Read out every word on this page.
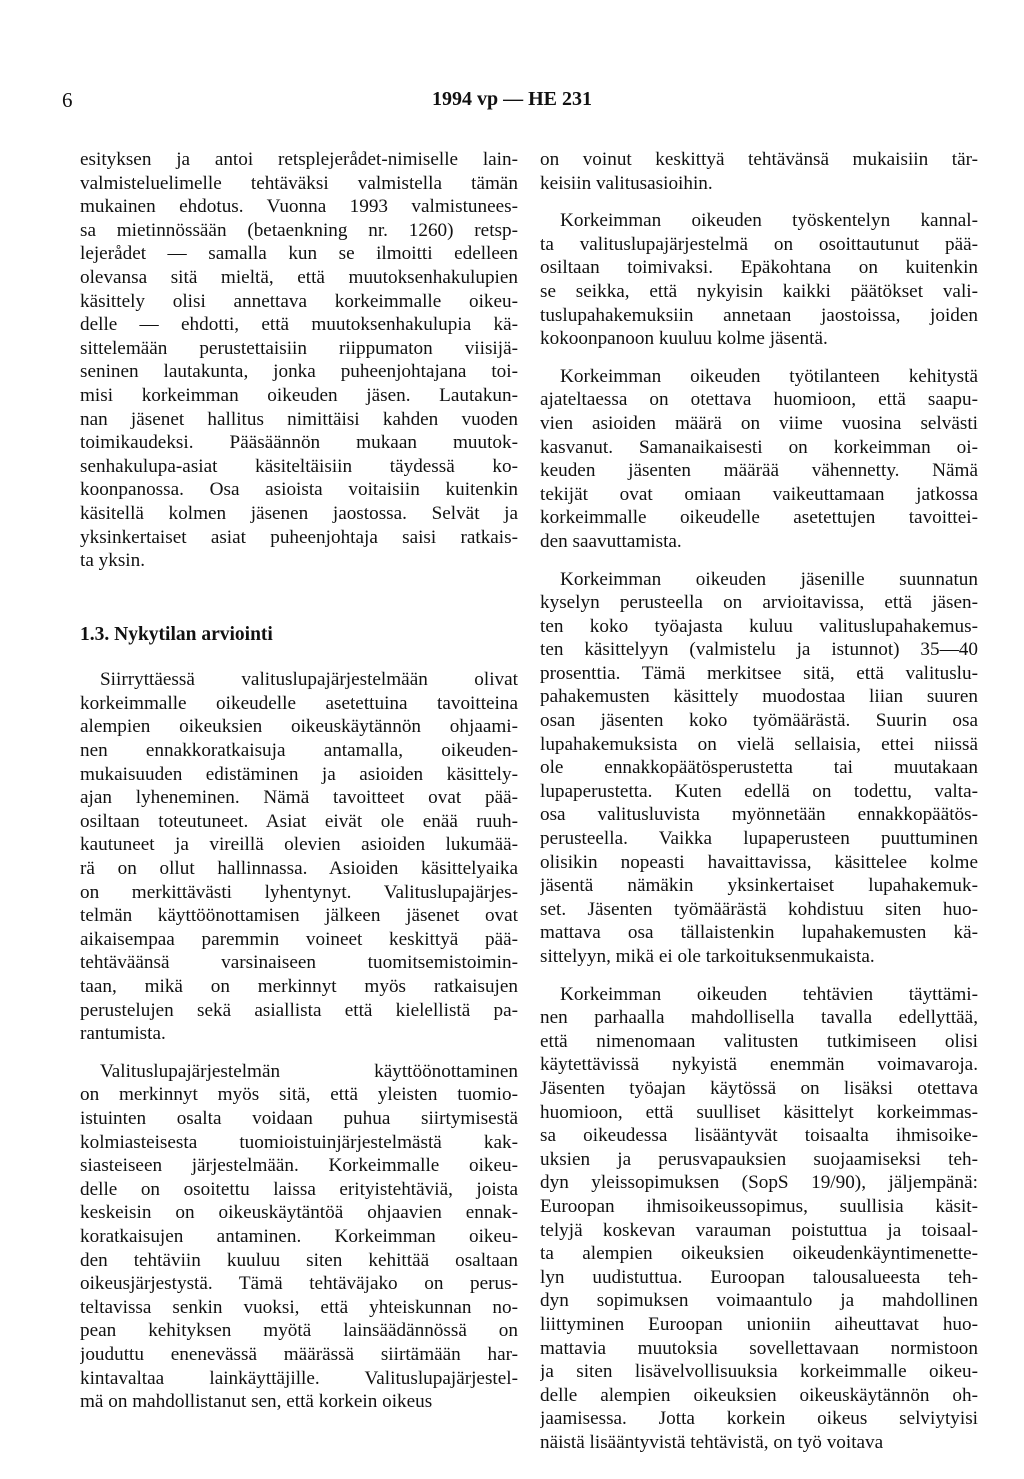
6	1994 vp — HE 231
esityksen ja antoi retsplejerådet-nimiselle lain-
valmisteluelimelle tehtäväksi valmistella tämän
mukainen ehdotus. Vuonna 1993 valmistunees-
sa mietinnössään (betaenkning nr. 1260) retsp-
lejerådet — samalla kun se ilmoitti edelleen
olevansa sitä mieltä, että muutoksenhakulupien
käsittely olisi annettava korkeimmalle oikeu-
delle — ehdotti, että muutoksenhakulupia kä-
sittelemään perustettaisiin riippumaton viisijä-
seninen lautakunta, jonka puheenjohtajana toi-
misi korkeimman oikeuden jäsen. Lautakun-
nan jäsenet hallitus nimittäisi kahden vuoden
toimikaudeksi. Pääsäännön mukaan muutok-
senhakulupa-asiat käsiteltäisiin täydessä ko-
koonpanossa. Osa asioista voitaisiin kuitenkin
käsitellä kolmen jäsenen jaostossa. Selvät ja
yksinkertaiset asiat puheenjohtaja saisi ratkais-
ta yksin.
1.3. Nykytilan arviointi
Siirryttäessä valituslupajärjestelmään olivat
korkeimmalle oikeudelle asetettuina tavoitteina
alempien oikeuksien oikeuskäytännön ohjaami-
nen ennakkoratkaisuja antamalla, oikeuden-
mukaisuuden edistäminen ja asioiden käsittely-
ajan lyheneminen. Nämä tavoitteet ovat pää-
osiltaan toteutuneet. Asiat eivät ole enää ruuh-
kautuneet ja vireillä olevien asioiden lukumää-
rä on ollut hallinnassa. Asioiden käsittelyaika
on merkittävästi lyhentynyt. Valituslupajärjes-
telmän käyttöönottamisen jälkeen jäsenet ovat
aikaisempaa paremmin voineet keskittyä pää-
tehtäväänsä varsinaiseen tuomitsemistoimin-
taan, mikä on merkinnyt myös ratkaisujen
perustelujen sekä asiallista että kielellistä pa-
rantumista.
Valituslupajärjestelmän käyttöönottaminen
on merkinnyt myös sitä, että yleisten tuomio-
istuinten osalta voidaan puhua siirtymisestä
kolmiasteisesta tuomioistuinjärjestelmästä kak-
siasteiseen järjestelmään. Korkeimmalle oikeu-
delle on osoitettu laissa erityistehtäviä, joista
keskeisin on oikeuskäytäntöä ohjaavien ennak-
koratkaisujen antaminen. Korkeimman oikeu-
den tehtäviin kuuluu siten kehittää osaltaan
oikeusjärjestystä. Tämä tehtäväjako on perus-
teltavissa senkin vuoksi, että yhteiskunnan no-
pean kehityksen myötä lainsäädännössä on
jouduttu enenevässä määrässä siirtämään har-
kintavaltaa lainkäyttäjille. Valituslupajärjestel-
mä on mahdollistanut sen, että korkein oikeus
on voinut keskittyä tehtävänsä mukaisiin tär-
keisiin valitusasioihin.
Korkeimman oikeuden työskentelyn kannal-
ta valituslupajärjestelmä on osoittautunut pää-
osiltaan toimivaksi. Epäkohtana on kuitenkin
se seikka, että nykyisin kaikki päätökset vali-
tuslupahakemuksiin annetaan jaostoissa, joiden
kokoonpanoon kuuluu kolme jäsentä.
Korkeimman oikeuden työtilanteen kehitystä
ajateltaessa on otettava huomioon, että saapu-
vien asioiden määrä on viime vuosina selvästi
kasvanut. Samanaikaisesti on korkeimman oi-
keuden jäsenten määrää vähennetty. Nämä
tekijät ovat omiaan vaikeuttamaan jatkossa
korkeimmalle oikeudelle asetettujen tavoittei-
den saavuttamista.
Korkeimman oikeuden jäsenille suunnatun
kyselyn perusteella on arvioitavissa, että jäsen-
ten koko työajasta kuluu valituslupahakemus-
ten käsittelyyn (valmistelu ja istunnot) 35—40
prosenttia. Tämä merkitsee sitä, että valituslu-
pahakemusten käsittely muodostaa liian suuren
osan jäsenten koko työmäärästä. Suurin osa
lupahakemuksista on vielä sellaisia, ettei niissä
ole ennakkopäätösperustetta tai muutakaan
lupaperustetta. Kuten edellä on todettu, valta-
osa valitusluvista myönnetään ennakkopäätös-
perusteella. Vaikka lupaperusteen puuttuminen
olisikin nopeasti havaittavissa, käsittelee kolme
jäsentä nämäkin yksinkertaiset lupahakemuk-
set. Jäsenten työmäärästä kohdistuu siten huo-
mattava osa tällaistenkin lupahakemusten kä-
sittelyyn, mikä ei ole tarkoituksenmukaista.
Korkeimman oikeuden tehtävien täyttämi-
nen parhaalla mahdollisella tavalla edellyttää,
että nimenomaan valitusten tutkimiseen olisi
käytettävissä nykyistä enemmän voimavaroja.
Jäsenten työajan käytössä on lisäksi otettava
huomioon, että suulliset käsittelyt korkeimmas-
sa oikeudessa lisääntyvät toisaalta ihmisoike-
uksien ja perusvapauksien suojaamiseksi teh-
dyn yleissopimuksen (SopS 19/90), jäljempänä:
Euroopan ihmisoikeussopimus, suullisia käsit-
telyjä koskevan varauman poistuttua ja toisaal-
ta alempien oikeuksien oikeudenkäyntimenette-
lyn uudistuttua. Euroopan talousalueesta teh-
dyn sopimuksen voimaantulo ja mahdollinen
liittyminen Euroopan unioniin aiheuttavat huo-
mattavia muutoksia sovellettavaan normistoon
ja siten lisävelvollisuuksia korkeimmalle oikeu-
delle alempien oikeuksien oikeuskäytännön oh-
jaamisessa. Jotta korkein oikeus selviytyisi
näistä lisääntyvistä tehtävistä, on työ voitava
